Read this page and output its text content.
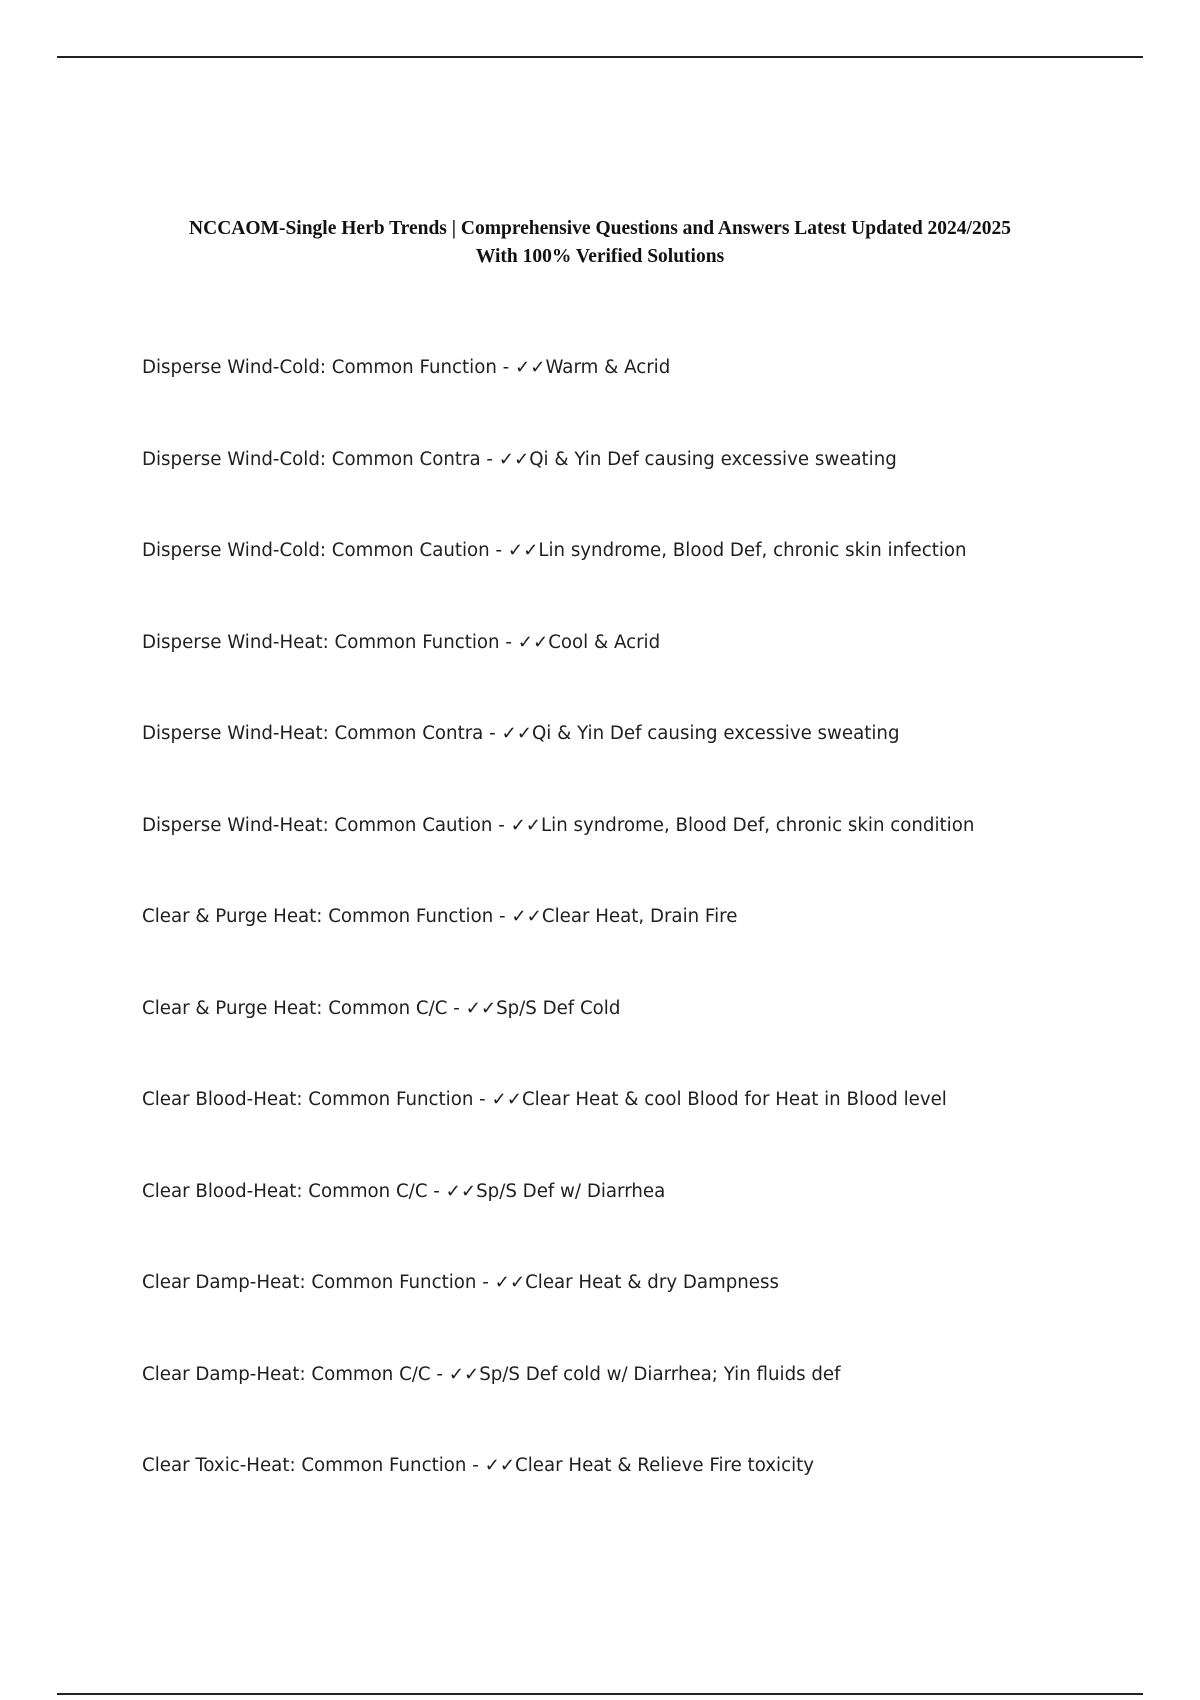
NCCAOM-Single Herb Trends | Comprehensive Questions and Answers Latest Updated 2024/2025
With 100% Verified Solutions
Disperse Wind-Cold: Common Function - ✓✓Warm & Acrid
Disperse Wind-Cold: Common Contra - ✓✓Qi & Yin Def causing excessive sweating
Disperse Wind-Cold: Common Caution - ✓✓Lin syndrome, Blood Def, chronic skin infection
Disperse Wind-Heat: Common Function - ✓✓Cool & Acrid
Disperse Wind-Heat: Common Contra - ✓✓Qi & Yin Def causing excessive sweating
Disperse Wind-Heat: Common Caution - ✓✓Lin syndrome, Blood Def, chronic skin condition
Clear & Purge Heat: Common Function - ✓✓Clear Heat, Drain Fire
Clear & Purge Heat: Common C/C - ✓✓Sp/S Def Cold
Clear Blood-Heat: Common Function - ✓✓Clear Heat & cool Blood for Heat in Blood level
Clear Blood-Heat: Common C/C - ✓✓Sp/S Def w/ Diarrhea
Clear Damp-Heat: Common Function - ✓✓Clear Heat & dry Dampness
Clear Damp-Heat: Common C/C - ✓✓Sp/S Def cold w/ Diarrhea; Yin fluids def
Clear Toxic-Heat: Common Function - ✓✓Clear Heat & Relieve Fire toxicity
